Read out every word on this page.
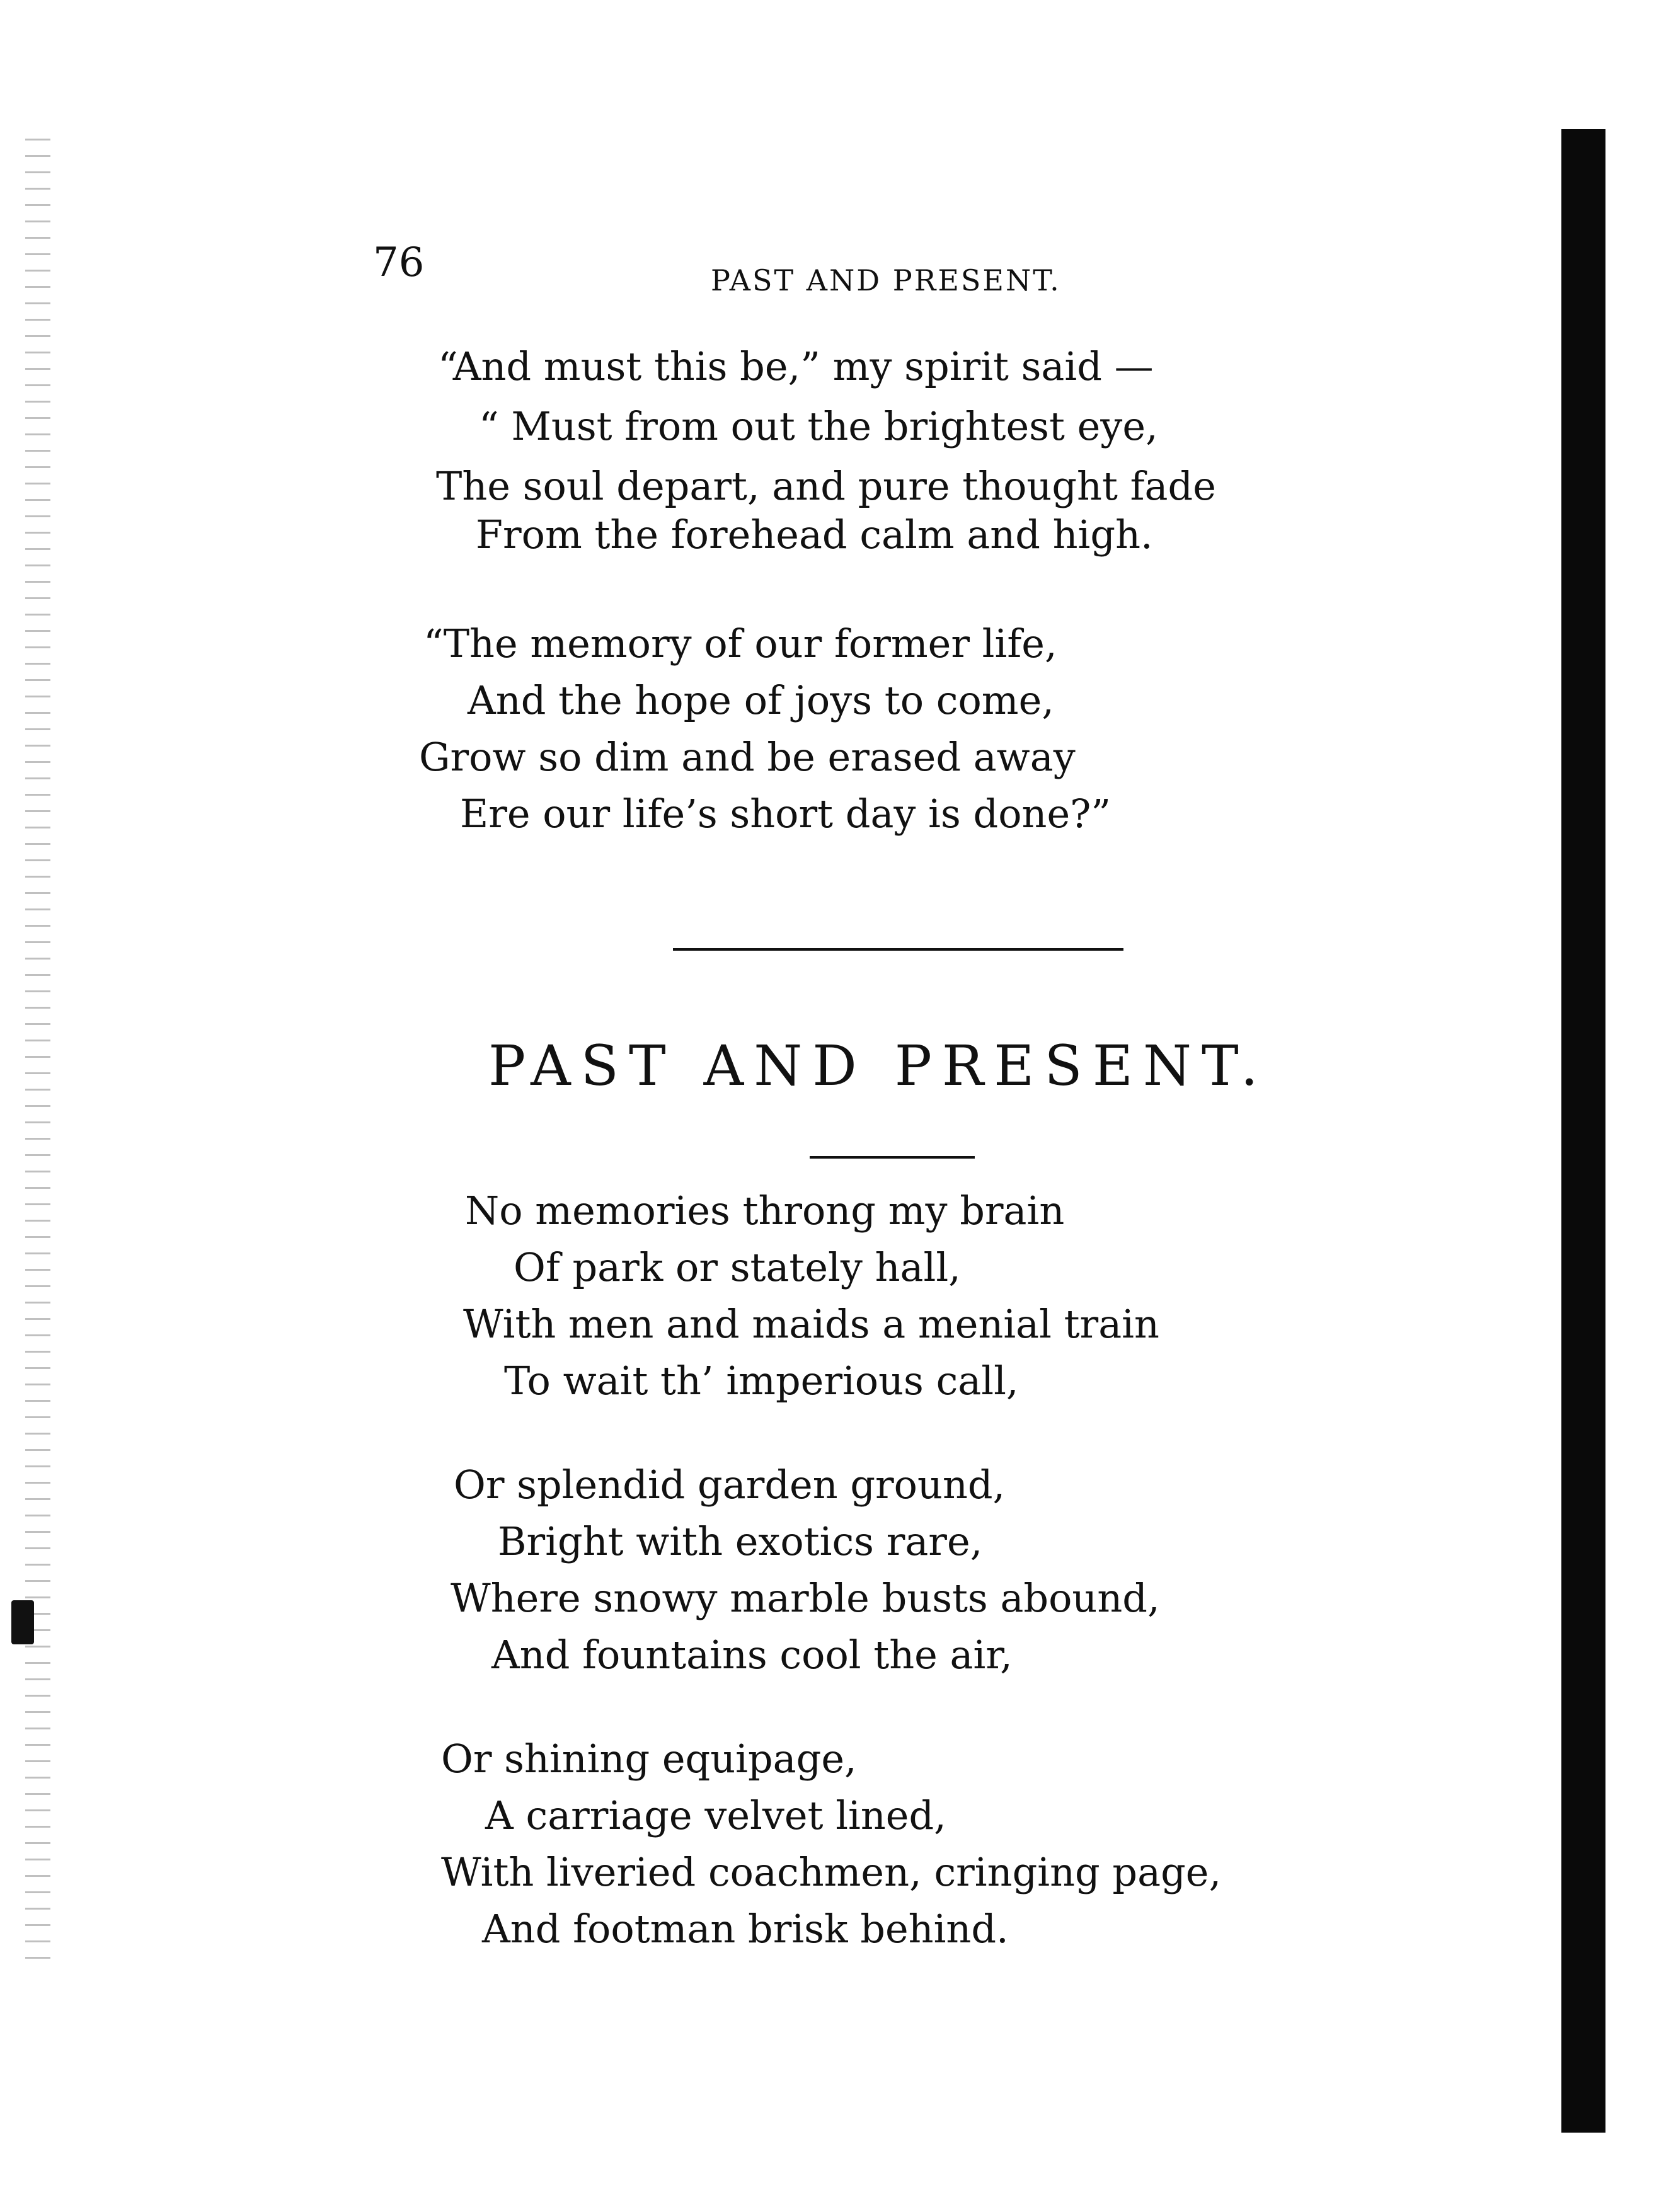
76	PAST AND PRESENT.
“And must this be,” my spirit said —
“ Must from out the brightest eye,
The soul depart, and pure thought fade
From the forehead calm and high.
“The memory of our former life,
And the hope of joys to come,
Grow so dim and be erased away
Ere our life’s short day is done?”
PAST AND PRESENT.
No memories throng my brain
Of park or stately hall,
With men and maids a menial train
To wait th’ imperious call,
Or splendid garden ground,
Bright with exotics rare,
Where snowy marble busts abound,
And fountains cool the air,
Or shining equipage,
A carriage velvet lined,
With liveried coachmen, cringing page,
And footman brisk behind.
